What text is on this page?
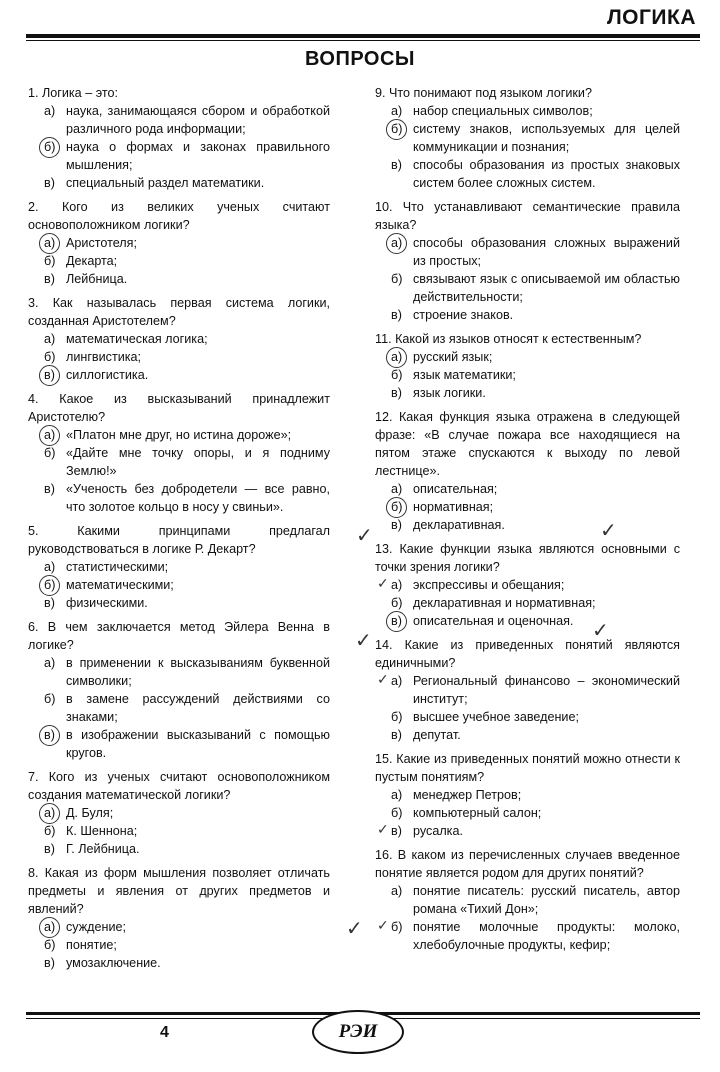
ЛОГИКА
ВОПРОСЫ
1. Логика – это:
а) наука, занимающаяся сбором и обработкой различного рода информации;
б) наука о формах и законах правильного мышления;
в) специальный раздел математики.
2. Кого из великих ученых считают основоположником логики?
а) Аристотеля;
б) Декарта;
в) Лейбница.
3. Как называлась первая система логики, созданная Аристотелем?
а) математическая логика;
б) лингвистика;
в) силлогистика.
4. Какое из высказываний принадлежит Аристотелю?
а) «Платон мне друг, но истина дороже»;
б) «Дайте мне точку опоры, и я подниму Землю!»
в) «Ученость без добродетели — все равно, что золотое кольцо в носу у свиньи».
5. Какими принципами предлагал руководствоваться в логике Р. Декарт?
а) статистическими;
б) математическими;
в) физическими.
6. В чем заключается метод Эйлера Венна в логике?
а) в применении к высказываниям буквенной символики;
б) в замене рассуждений действиями со знаками;
в) в изображении высказываний с помощью кругов.
7. Кого из ученых считают основоположником создания математической логики?
а) Д. Буля;
б) К. Шеннона;
в) Г. Лейбница.
8. Какая из форм мышления позволяет отличать предметы и явления от других предметов и явлений?
а) суждение;
б) понятие;
в) умозаключение.
9. Что понимают под языком логики?
а) набор специальных символов;
б) систему знаков, используемых для целей коммуникации и познания;
в) способы образования из простых знаковых систем более сложных систем.
10. Что устанавливают семантические правила языка?
а) способы образования сложных выражений из простых;
б) связывают язык с описываемой им областью действительности;
в) строение знаков.
11. Какой из языков относят к естественным?
а) русский язык;
б) язык математики;
в) язык логики.
12. Какая функция языка отражена в следующей фразе: «В случае пожара все находящиеся на пятом этаже спускаются к выходу по левой лестнице».
а) описательная;
б) нормативная;
в) декларативная.
13. Какие функции языка являются основными с точки зрения логики?
✓ а) экспрессивы и обещания;
б) декларативная и нормативная;
в) описательная и оценочная.
14. Какие из приведенных понятий являются единичными?
✓ а) Региональный финансово – экономический институт;
б) высшее учебное заведение;
в) депутат.
15. Какие из приведенных понятий можно отнести к пустым понятиям?
а) менеджер Петров;
б) компьютерный салон;
✓ в) русалка.
16. В каком из перечисленных случаев введенное понятие является родом для других понятий?
а) понятие писатель: русский писатель, автор романа «Тихий Дон»;
✓ б) понятие молочные продукты: молоко, хлебобулочные продукты, кефир;
✓	✓
✓	✓
✓
4	РЭИ
